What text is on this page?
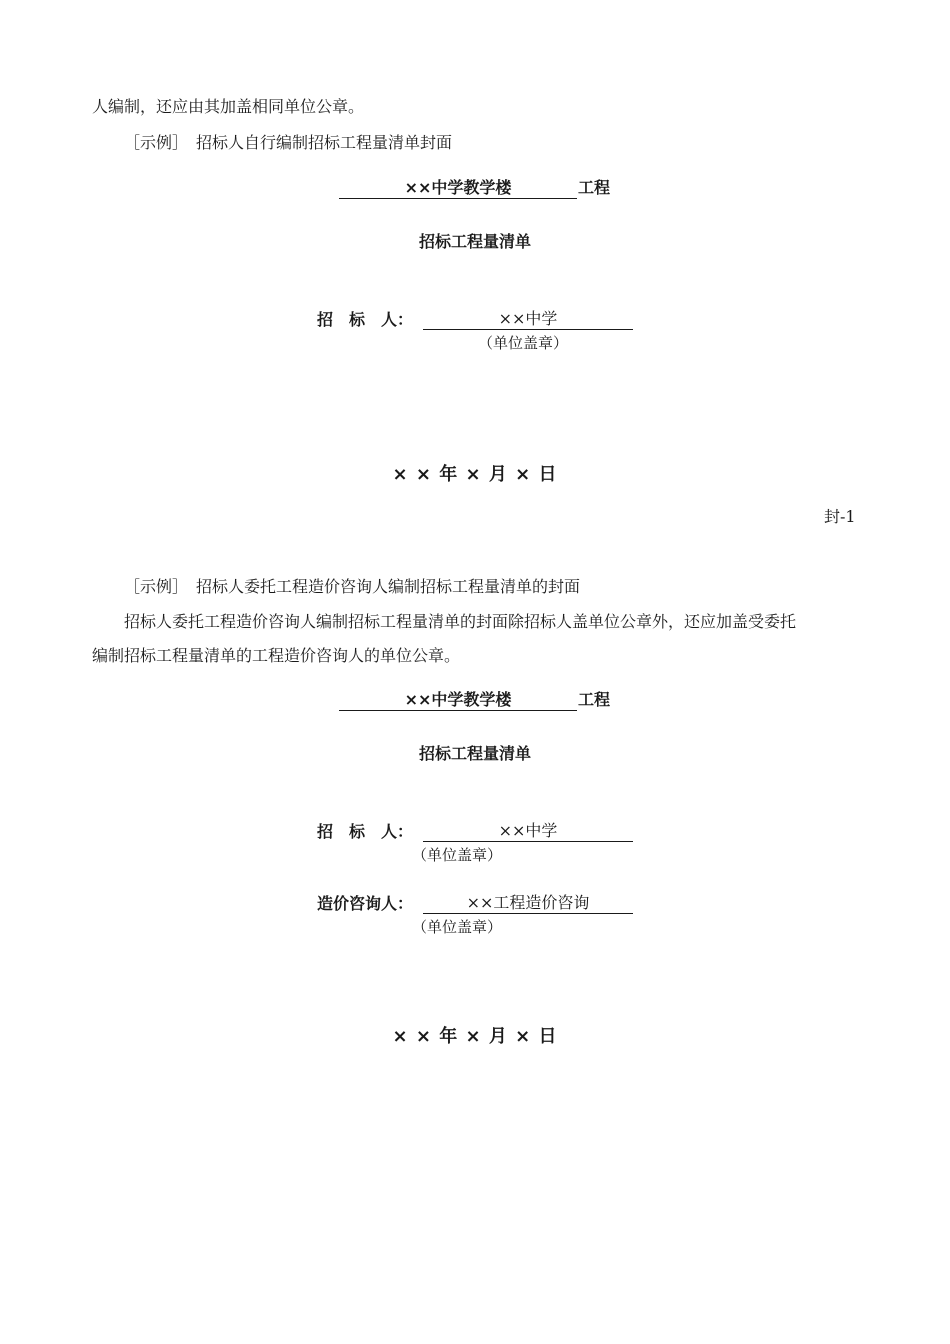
人编制，还应由其加盖相同单位公章。
［示例］　招标人自行编制招标工程量清单封面
××中学教学楼	工程
招标工程量清单
招　标　人：	××中学
（单位盖章）
× × 年 × 月 × 日
封-1
［示例］　招标人委托工程造价咨询人编制招标工程量清单的封面
招标人委托工程造价咨询人编制招标工程量清单的封面除招标人盖单位公章外，还应加盖受委托
编制招标工程量清单的工程造价咨询人的单位公章。
××中学教学楼	工程
招标工程量清单
招　标　人：	××中学
（单位盖章）
造价咨询人：	××工程造价咨询
（单位盖章）
× × 年 × 月 × 日
